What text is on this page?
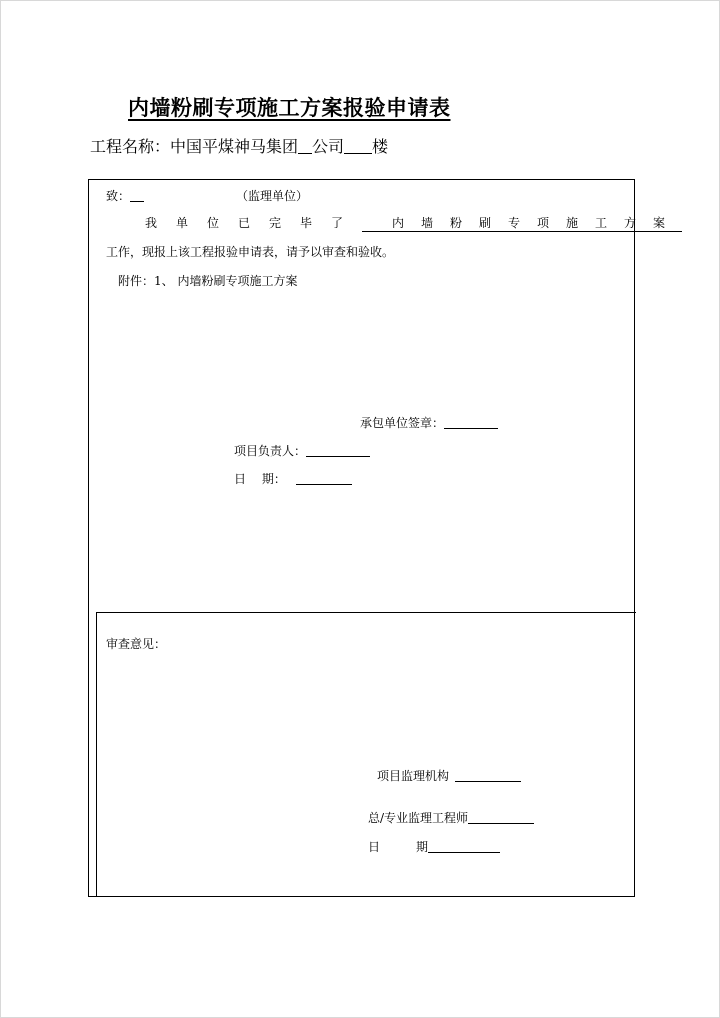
内墙粉刷专项施工方案报验申请表
工程名称：中国平煤神马集团 公司 楼
致：	（监理单位）
我单位已完毕了	内墙粉刷专项施工方案
工作，现报上该工程报验申请表，请予以审查和验收。
附件：1、 内墙粉刷专项施工方案
承包单位签章：
项目负责人：
日　 期：
审查意见：
项目监理机构
总/专业监理工程师
日　　　期
